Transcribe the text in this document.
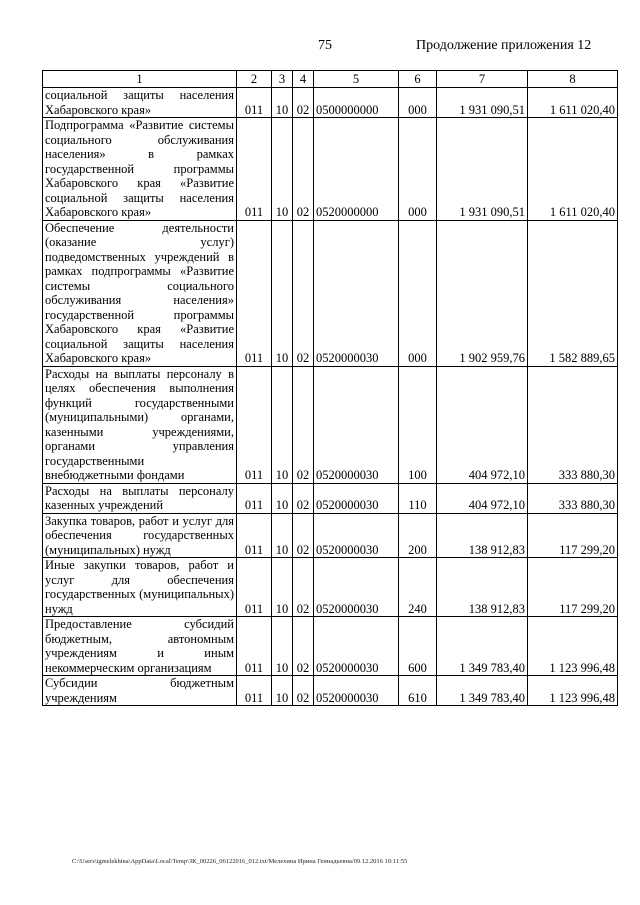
75	Продолжение приложения 12
1	2	3	4	5	6	7	8
социальной защиты населения Хабаровского края»	011	10	02	0500000000	000	1 931 090,51	1 611 020,40
Подпрограмма «Развитие системы социального обслуживания населения» в рамках государственной программы Хабаровского края «Развитие социальной защиты населения Хабаровского края»	011	10	02	0520000000	000	1 931 090,51	1 611 020,40
Обеспечение деятельности (оказание услуг) подведомственных учреждений в рамках подпрограммы «Развитие системы социального обслуживания населения» государственной программы Хабаровского края «Развитие социальной защиты населения Хабаровского края»	011	10	02	0520000030	000	1 902 959,76	1 582 889,65
Расходы на выплаты персоналу в целях обеспечения выполнения функций государственными (муниципальными) органами, казенными учреждениями, органами управления государственными внебюджетными фондами	011	10	02	0520000030	100	404 972,10	333 880,30
Расходы на выплаты персоналу казенных учреждений	011	10	02	0520000030	110	404 972,10	333 880,30
Закупка товаров, работ и услуг для обеспечения государственных (муниципальных) нужд	011	10	02	0520000030	200	138 912,83	117 299,20
Иные закупки товаров, работ и услуг для обеспечения государственных (муниципальных) нужд	011	10	02	0520000030	240	138 912,83	117 299,20
Предоставление субсидий бюджетным, автономным учреждениям и иным некоммерческим организациям	011	10	02	0520000030	600	1 349 783,40	1 123 996,48
Субсидии бюджетным учреждениям	011	10	02	0520000030	610	1 349 783,40	1 123 996,48
C:\Users\igmelekhina\AppData\Local\Temp\ЗК_00226_06122016_012.txt/Мелехина Ирина Геннадьевна/09.12.2016 10:11:55
